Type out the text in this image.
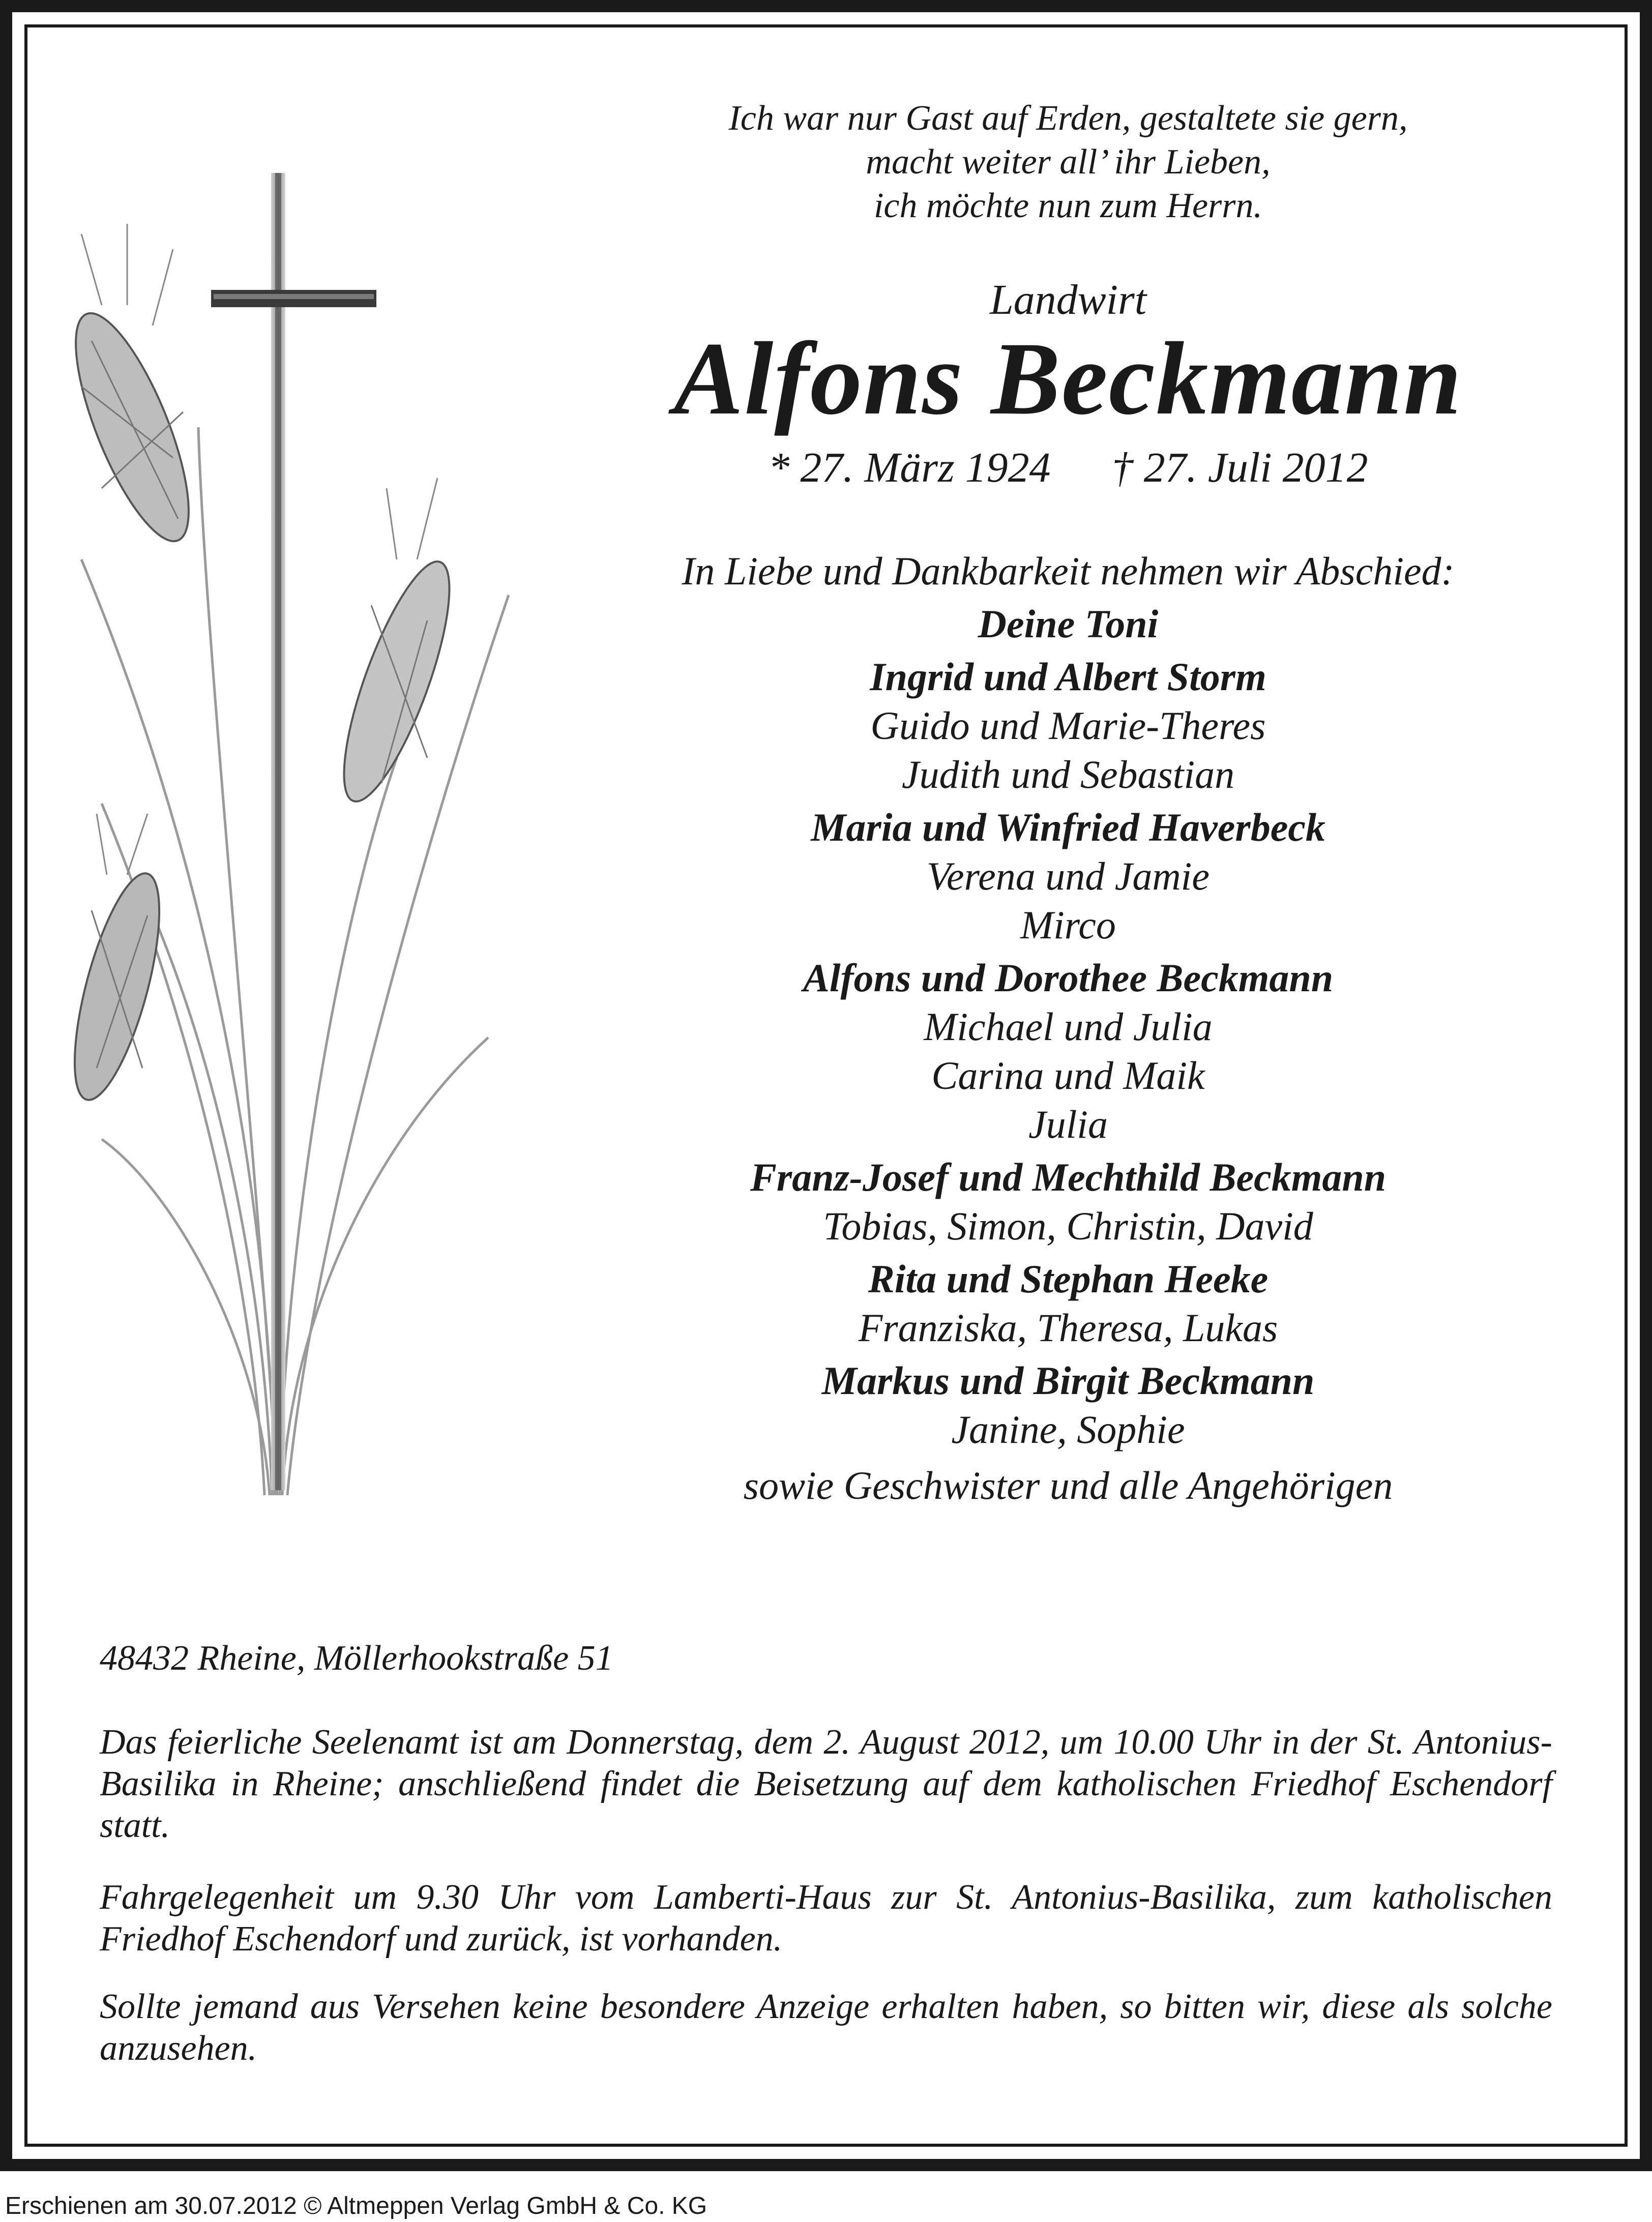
Ich war nur Gast auf Erden, gestaltete sie gern,
macht weiter all’ ihr Lieben,
ich möchte nun zum Herrn.
Landwirt
Alfons Beckmann
* 27. März 1924 † 27. Juli 2012
In Liebe und Dankbarkeit nehmen wir Abschied:
Deine Toni
Ingrid und Albert Storm
Guido und Marie-Theres
Judith und Sebastian
Maria und Winfried Haverbeck
Verena und Jamie
Mirco
Alfons und Dorothee Beckmann
Michael und Julia
Carina und Maik
Julia
Franz-Josef und Mechthild Beckmann
Tobias, Simon, Christin, David
Rita und Stephan Heeke
Franziska, Theresa, Lukas
Markus und Birgit Beckmann
Janine, Sophie
sowie Geschwister und alle Angehörigen
48432 Rheine, Möllerhookstraße 51
Das feierliche Seelenamt ist am Donnerstag, dem 2. August 2012, um 10.00 Uhr in der St. Antonius-Basilika in Rheine; anschließend findet die Beisetzung auf dem katholischen Friedhof Eschendorf statt.
Fahrgelegenheit um 9.30 Uhr vom Lamberti-Haus zur St. Antonius-Basilika, zum katholischen Friedhof Eschendorf und zurück, ist vorhanden.
Sollte jemand aus Versehen keine besondere Anzeige erhalten haben, so bitten wir, diese als solche anzusehen.
Erschienen am 30.07.2012 © Altmeppen Verlag GmbH & Co. KG
